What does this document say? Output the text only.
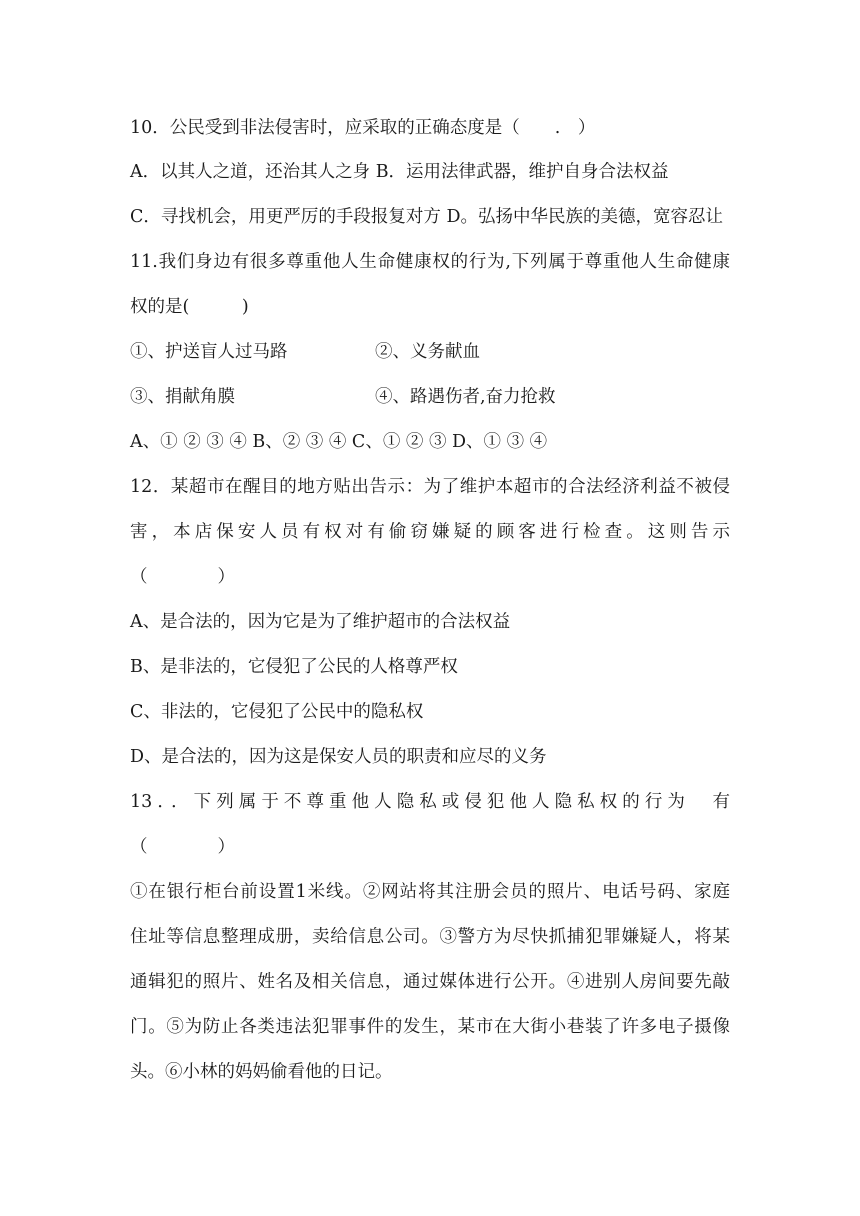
10．公民受到非法侵害时，应采取的正确态度是（　　.　）
A．以其人之道，还治其人之身 B．运用法律武器，维护自身合法权益
C．寻找机会，用更严厉的手段报复对方 D。弘扬中华民族的美德，宽容忍让
11.我们身边有很多尊重他人生命健康权的行为,下列属于尊重他人生命健康
权的是(　　　)
①、护送盲人过马路	②、义务献血
③、捐献角膜	④、路遇伤者,奋力抢救
A、① ② ③ ④ B、② ③ ④ C、① ② ③ D、① ③ ④
12．某超市在醒目的地方贴出告示：为了维护本超市的合法经济利益不被侵
害，本店保安人员有权对有偷窃嫌疑的顾客进行检查。这则告示
（　　　　）
A、是合法的，因为它是为了维护超市的合法权益
B、是非法的，它侵犯了公民的人格尊严权
C、非法的，它侵犯了公民中的隐私权
D、是合法的，因为这是保安人员的职责和应尽的义务
13．．下列属于不尊重他人隐私或侵犯他人隐私权的行为　有
（　　　　）
①在银行柜台前设置1米线。②网站将其注册会员的照片、电话号码、家庭
住址等信息整理成册，卖给信息公司。③警方为尽快抓捕犯罪嫌疑人，将某
通辑犯的照片、姓名及相关信息，通过媒体进行公开。④进别人房间要先敲
门。⑤为防止各类违法犯罪事件的发生，某市在大街小巷装了许多电子摄像
头。⑥小林的妈妈偷看他的日记。
